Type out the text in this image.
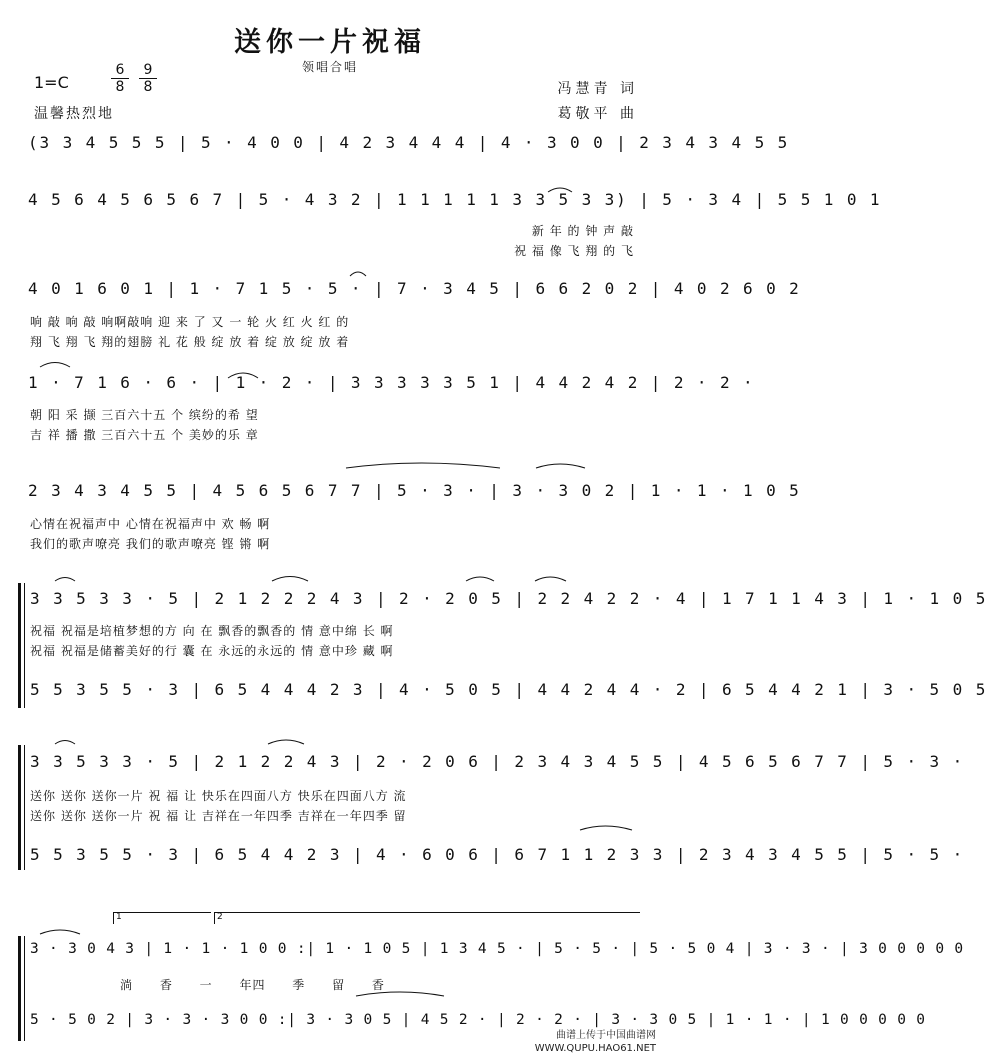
送你一片祝福
领唱合唱
1=C	$\frac{6}{8} \frac{9}{8}$
温馨热烈地
冯慧青 词
葛敬平 曲
(3 3 4 5 5 5 | 5 · 4 0 0 | 4 2 3 4 4 4 | 4 · 3 0 0 | 2 3 4 3 4 5 5
4 5 6 4 5 6 5 6 7 | 5 · 4 3 2 | 1 1 1 1 1 3 3 5 3 3) | 5 · 3 4 | 5 5 1 0 1
新 年 的 钟 声 敲
祝 福 像 飞 翔 的 飞
4 0 1 6 0 1 | 1 · 7 1 5 · 5 · | 7 · 3 4 5 | 6 6 2 0 2 | 4 0 2 6 0 2
响 敲 响 敲 响啊敲响 迎 来 了 又 一 轮 火 红 火 红 的
翔 飞 翔 飞 翔的翅膀 礼 花 般 绽 放 着 绽 放 绽 放 着
1 · 7 1 6 · 6 · | 1 · 2 · | 3 3 3 3 3 5 1 | 4 4 2 4 2 | 2 · 2 ·
朝 阳 采 撷 三百六十五 个 缤纷的希 望
吉 祥 播 撒 三百六十五 个 美妙的乐 章
2 3 4 3 4 5 5 | 4 5 6 5 6 7 7 | 5 · 3 · | 3 · 3 0 2 | 1 · 1 · 1 0 5
心情在祝福声中 心情在祝福声中 欢 畅 啊
我们的歌声嘹亮 我们的歌声嘹亮 铿 锵 啊
3 3 5 3 3 · 5 | 2 1 2 2 2 4 3 | 2 · 2 0 5 | 2 2 4 2 2 · 4 | 1 7 1 1 4 3 | 1 · 1 0 5
祝福 祝福是培植梦想的方 向 在 飘香的飘香的 情 意中绵 长 啊
祝福 祝福是储蓄美好的行 囊 在 永远的永远的 情 意中珍 藏 啊
5 5 3 5 5 · 3 | 6 5 4 4 4 2 3 | 4 · 5 0 5 | 4 4 2 4 4 · 2 | 6 5 4 4 2 1 | 3 · 5 0 5
3 3 5 3 3 · 5 | 2 1 2 2 4 3 | 2 · 2 0 6 | 2 3 4 3 4 5 5 | 4 5 6 5 6 7 7 | 5 · 3 ·
送你 送你 送你一片 祝 福 让 快乐在四面八方 快乐在四面八方 流
送你 送你 送你一片 祝 福 让 吉祥在一年四季 吉祥在一年四季 留
5 5 3 5 5 · 3 | 6 5 4 4 2 3 | 4 · 6 0 6 | 6 7 1 1 2 3 3 | 2 3 4 3 4 5 5 | 5 · 5 ·
1	2
3 · 3 0 4 3 | 1 · 1 · 1 0 0 :| 1 · 1 0 5 | 1 3 4 5 · | 5 · 5 · | 5 · 5 0 4 | 3 · 3 · | 3 0 0 0 0 0
淌 香 一 年四 季 留 香
5 · 5 0 2 | 3 · 3 · 3 0 0 :| 3 · 3 0 5 | 4 5 2 · | 2 · 2 · | 3 · 3 0 5 | 1 · 1 · | 1 0 0 0 0 0
曲谱上传于中国曲谱网
WWW.QUPU.HAO61.NET
